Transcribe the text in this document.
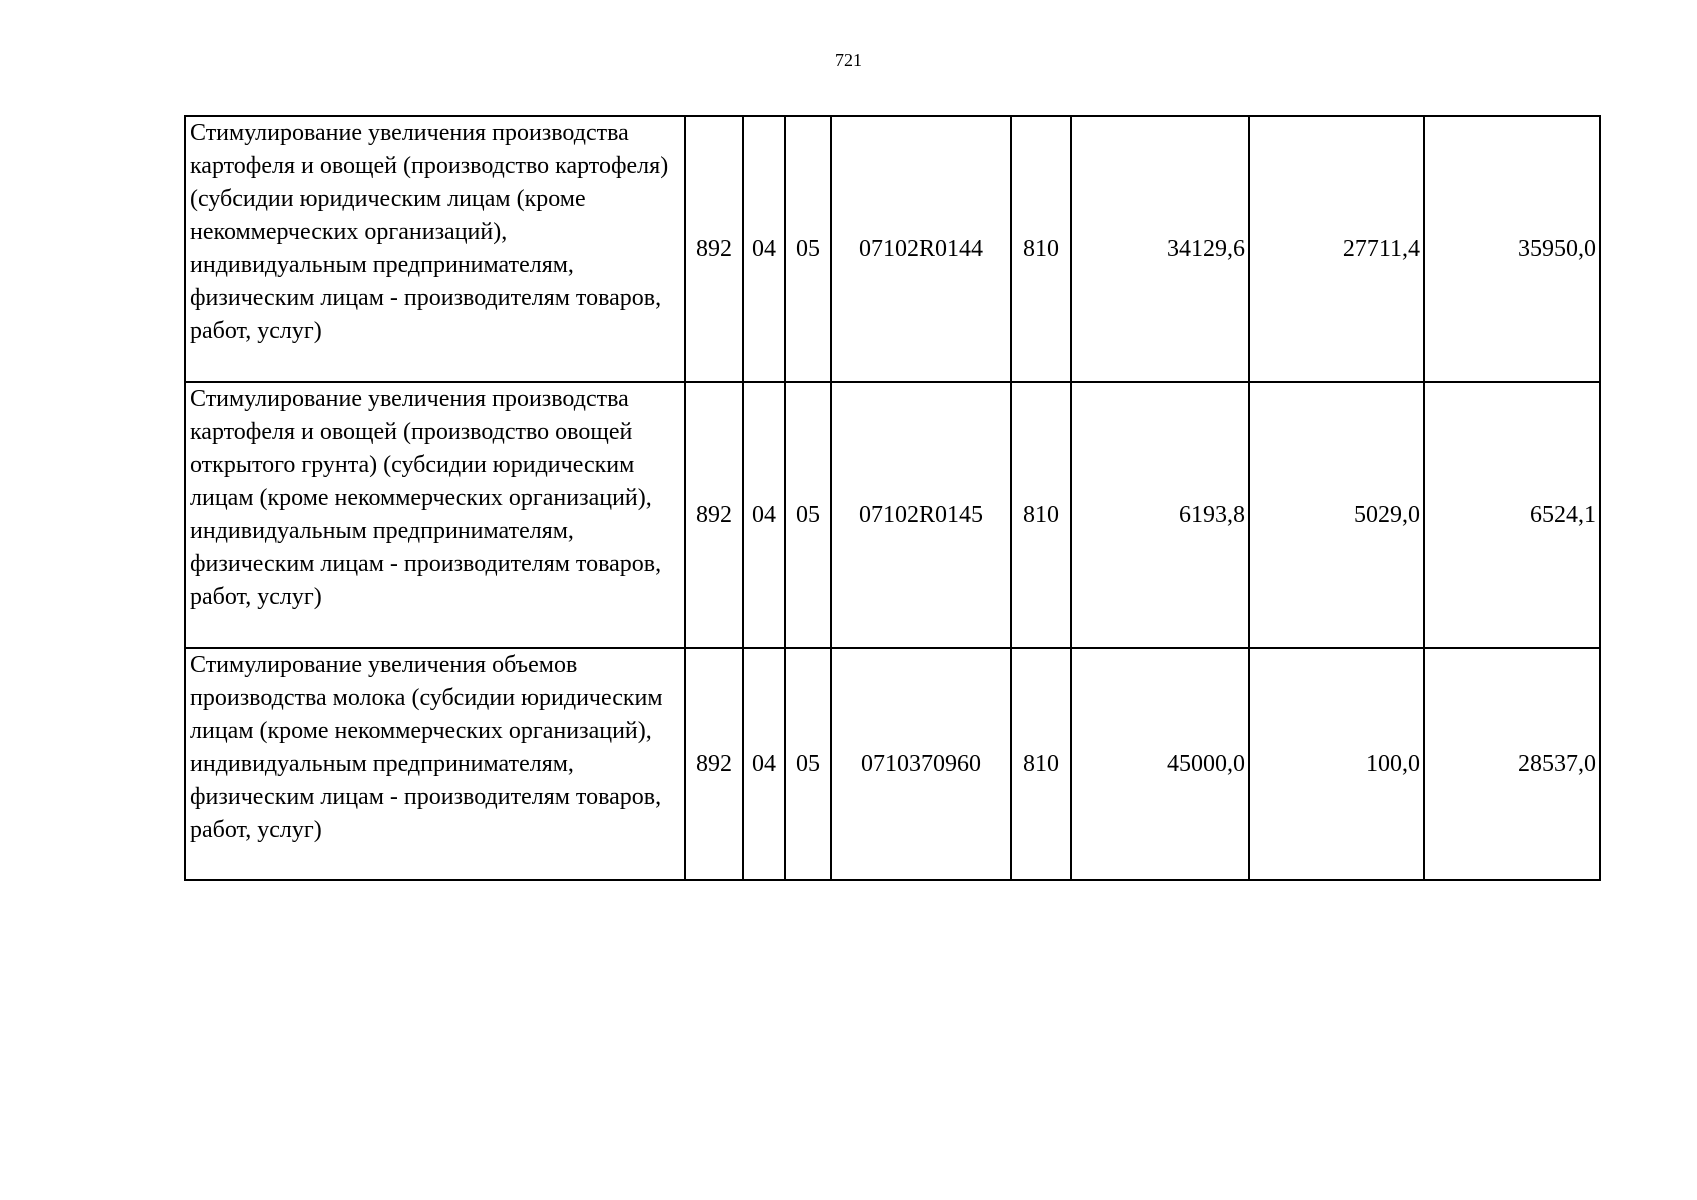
721
Стимулирование увеличения производства картофеля и овощей (производство картофеля) (субсидии юридическим лицам (кроме некоммерческих организаций), индивидуальным предпринимателям, физическим лицам - производителям товаров, работ, услуг)	892	04	05	07102R0144	810	34129,6	27711,4	35950,0
Стимулирование увеличения производства картофеля и овощей (производство овощей открытого грунта) (субсидии юридическим лицам (кроме некоммерческих организаций), индивидуальным предпринимателям, физическим лицам - производителям товаров, работ, услуг)	892	04	05	07102R0145	810	6193,8	5029,0	6524,1
Стимулирование увеличения объемов производства молока (субсидии юридическим лицам (кроме некоммерческих организаций), индивидуальным предпринимателям, физическим лицам - производителям товаров, работ, услуг)	892	04	05	0710370960	810	45000,0	100,0	28537,0
